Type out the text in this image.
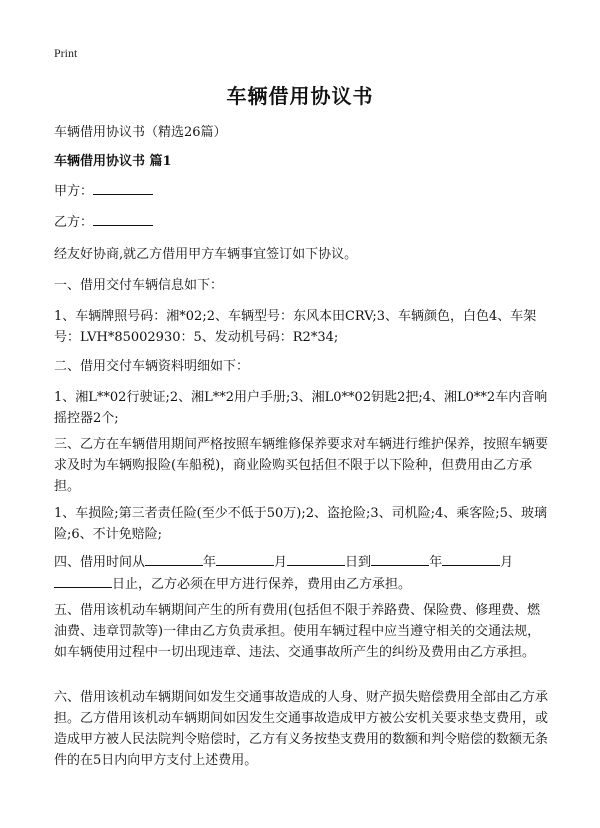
Print
车辆借用协议书

车辆借用协议书（精选26篇）

车辆借用协议书 篇1

甲方：

乙方：

经友好协商,就乙方借用甲方车辆事宜签订如下协议。

一、借用交付车辆信息如下：

1、车辆牌照号码：湘*02;2、车辆型号：东风本田CRV;3、车辆颜色，白色4、车架号：LVH*85002930：5、发动机号码：R2*34;

二、借用交付车辆资料明细如下：

1、湘L**02行驶证;2、湘L**2用户手册;3、湘L0**02钥匙2把;4、湘L0**2车内音响摇控器2个;

三、乙方在车辆借用期间严格按照车辆维修保养要求对车辆进行维护保养，按照车辆要求及时为车辆购报险(车船税)，商业险购买包括但不限于以下险种，但费用由乙方承担。

1、车损险;第三者责任险(至少不低于50万);2、盗抢险;3、司机险;4、乘客险;5、玻璃险;6、不计免赔险;

四、借用时间从	年	月	日到	年	月
日止，乙方必须在甲方进行保养，费用由乙方承担。

五、借用该机动车辆期间产生的所有费用(包括但不限于养路费、保险费、修理费、燃油费、违章罚款等)一律由乙方负责承担。使用车辆过程中应当遵守相关的交通法规，如车辆使用过程中一切出现违章、违法、交通事故所产生的纠纷及费用由乙方承担。

六、借用该机动车辆期间如发生交通事故造成的人身、财产损失赔偿费用全部由乙方承担。乙方借用该机动车辆期间如因发生交通事故造成甲方被公安机关要求垫支费用，或造成甲方被人民法院判令赔偿时，乙方有义务按垫支费用的数额和判令赔偿的数额无条件的在5日内向甲方支付上述费用。
